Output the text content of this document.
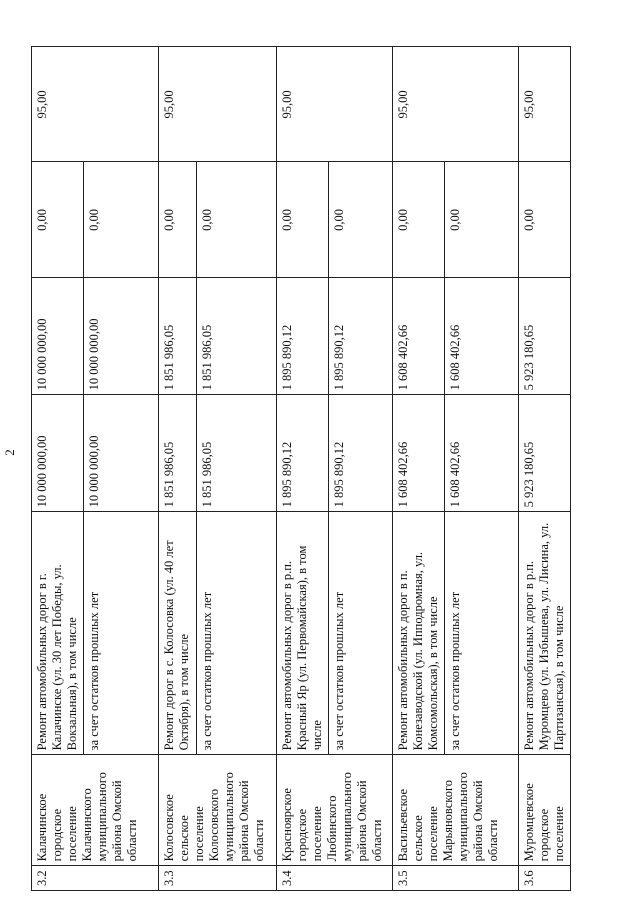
2
3.2	Калачинское городское поселение Калачинского муниципального района Омской области	Ремонт автомобильных дорог в г. Калачинске (ул. 30 лет Победы, ул. Вокзальная), в том числе	10 000 000,00	10 000 000,00	0,00	95,00
		за счет остатков прошлых лет	10 000 000,00	10 000 000,00	0,00	
3.3	Колосовское сельское поселение Колосовского муниципального района Омской области	Ремонт дорог в с. Колосовка (ул. 40 лет Октября), в том числе	1 851 986,05	1 851 986,05	0,00	95,00
		за счет остатков прошлых лет	1 851 986,05	1 851 986,05	0,00	
3.4	Красноярское городское поселение Любинского муниципального района Омской области	Ремонт автомобильных дорог в р.п. Красный Яр (ул. Первомайская), в том числе	1 895 890,12	1 895 890,12	0,00	95,00
		за счет остатков прошлых лет	1 895 890,12	1 895 890,12	0,00	
3.5	Васильевское сельское поселение Марьяновского муниципального района Омской области	Ремонт автомобильных дорог в п. Конезаводской (ул. Ипподромная, ул. Комсомольская), в том числе	1 608 402,66	1 608 402,66	0,00	95,00
		за счет остатков прошлых лет	1 608 402,66	1 608 402,66	0,00	
3.6	Муромцевское городское поселение	Ремонт автомобильных дорог в р.п. Муромцево (ул. Избышева, ул. Лисина, ул. Партизанская), в том числе	5 923 180,65	5 923 180,65	0,00	95,00
